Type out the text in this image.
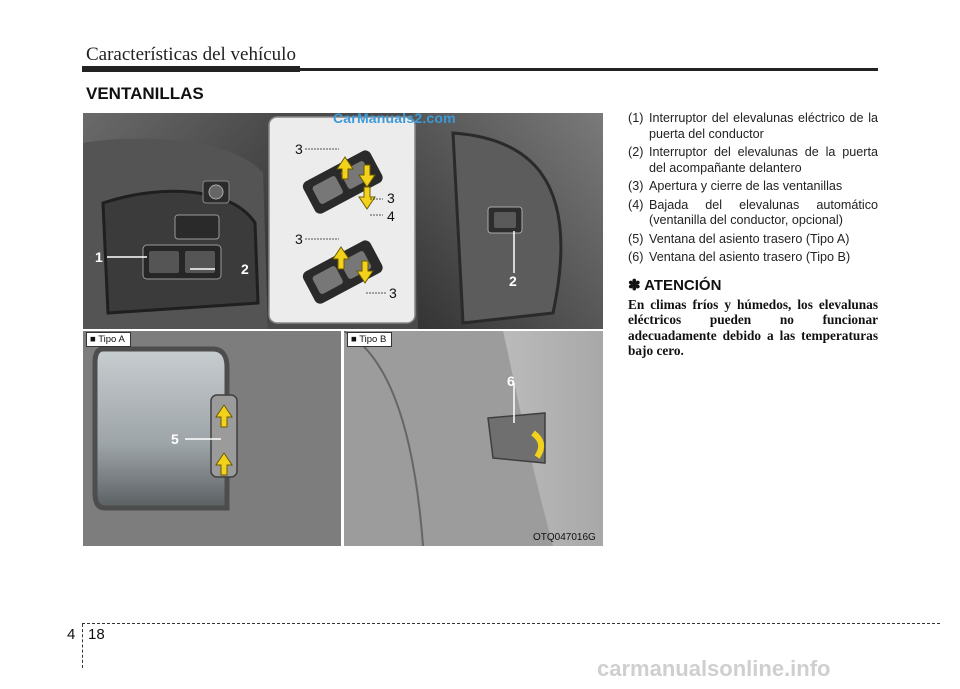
Características del vehículo
VENTANILLAS
CarManuals2.com
3
3
4
3
3
1
2
2
5
6
■ Tipo A	■ Tipo B
OTQ047016G
(1) Interruptor del elevalunas eléctrico de la puerta del conductor
(2) Interruptor del elevalunas de la puerta del acompañante delantero
(3) Apertura y cierre de las ventanillas
(4) Bajada del elevalunas automático (ventanilla del conductor, opcional)
(5) Ventana del asiento trasero (Tipo A)
(6) Ventana del asiento trasero (Tipo B)
✽ ATENCIÓN
En climas fríos y húmedos, los elevalunas eléctricos pueden no funcionar adecuadamente debido a las temperaturas bajo cero.
4 18
carmanualsonline.info
